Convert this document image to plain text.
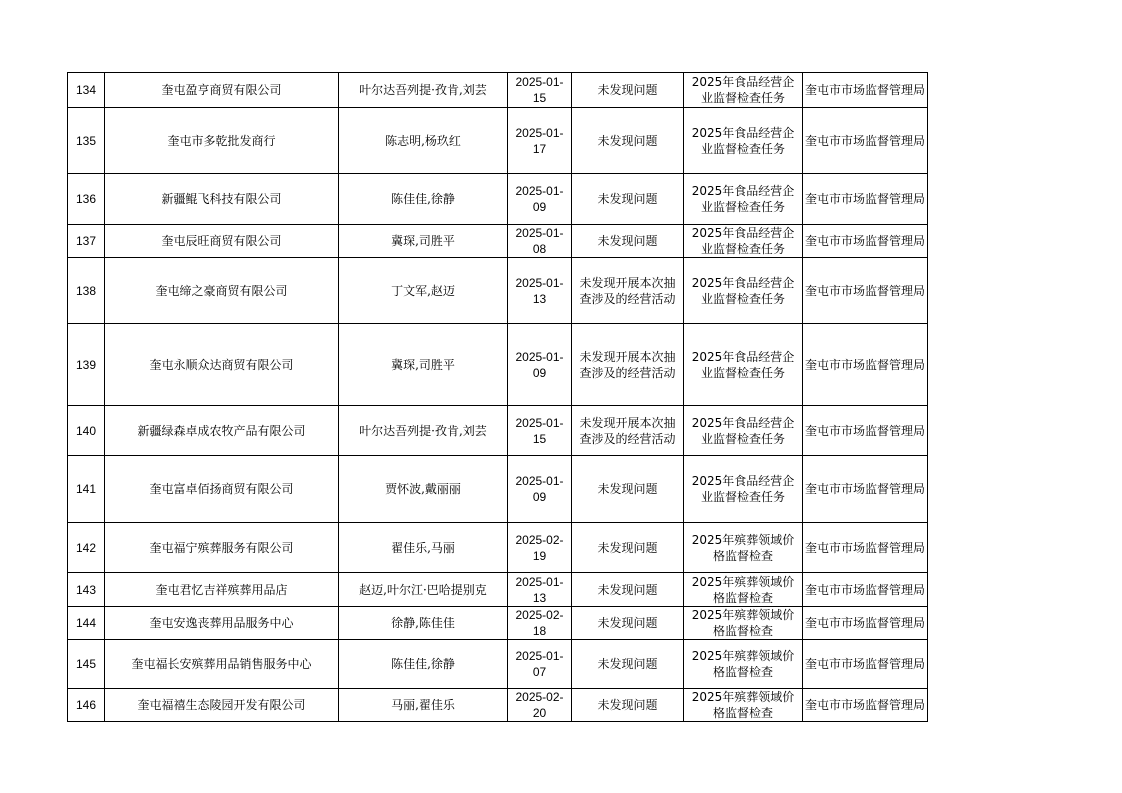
134	奎屯盈亨商贸有限公司	叶尔达吾列提·孜肯,刘芸	2025-01-15	未发现问题	2025年食品经营企业监督检查任务	奎屯市市场监督管理局
135	奎屯市多乾批发商行	陈志明,杨玖红	2025-01-17	未发现问题	2025年食品经营企业监督检查任务	奎屯市市场监督管理局
136	新疆鲲飞科技有限公司	陈佳佳,徐静	2025-01-09	未发现问题	2025年食品经营企业监督检查任务	奎屯市市场监督管理局
137	奎屯辰旺商贸有限公司	冀琛,司胜平	2025-01-08	未发现问题	2025年食品经营企业监督检查任务	奎屯市市场监督管理局
138	奎屯缔之豪商贸有限公司	丁文军,赵迈	2025-01-13	未发现开展本次抽查涉及的经营活动	2025年食品经营企业监督检查任务	奎屯市市场监督管理局
139	奎屯永顺众达商贸有限公司	冀琛,司胜平	2025-01-09	未发现开展本次抽查涉及的经营活动	2025年食品经营企业监督检查任务	奎屯市市场监督管理局
140	新疆绿森卓成农牧产品有限公司	叶尔达吾列提·孜肯,刘芸	2025-01-15	未发现开展本次抽查涉及的经营活动	2025年食品经营企业监督检查任务	奎屯市市场监督管理局
141	奎屯富卓佰扬商贸有限公司	贾怀波,戴丽丽	2025-01-09	未发现问题	2025年食品经营企业监督检查任务	奎屯市市场监督管理局
142	奎屯福宁殡葬服务有限公司	翟佳乐,马丽	2025-02-19	未发现问题	2025年殡葬领域价格监督检查	奎屯市市场监督管理局
143	奎屯君忆吉祥殡葬用品店	赵迈,叶尔江·巴哈提别克	2025-01-13	未发现问题	2025年殡葬领域价格监督检查	奎屯市市场监督管理局
144	奎屯安逸丧葬用品服务中心	徐静,陈佳佳	2025-02-18	未发现问题	2025年殡葬领域价格监督检查	奎屯市市场监督管理局
145	奎屯福长安殡葬用品销售服务中心	陈佳佳,徐静	2025-01-07	未发现问题	2025年殡葬领域价格监督检查	奎屯市市场监督管理局
146	奎屯福禧生态陵园开发有限公司	马丽,翟佳乐	2025-02-20	未发现问题	2025年殡葬领域价格监督检查	奎屯市市场监督管理局
